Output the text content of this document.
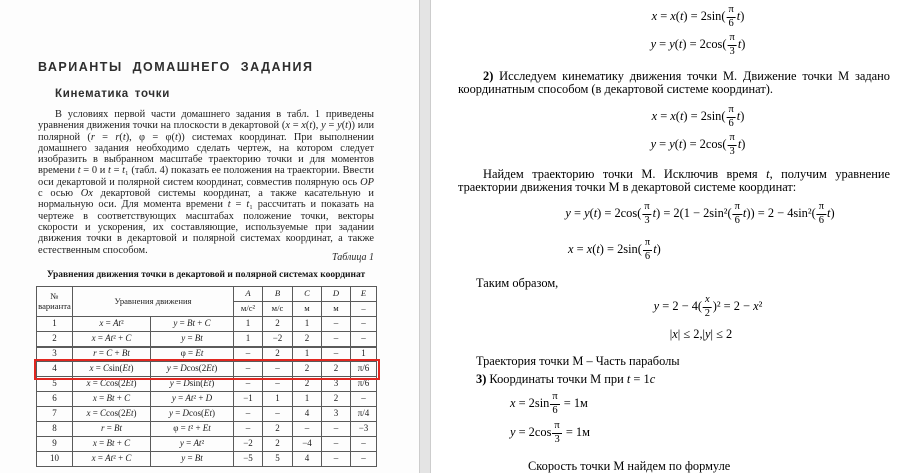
ВАРИАНТЫ ДОМАШНЕГО ЗАДАНИЯ
Кинематика точки

В условиях первой части домашнего задания в табл. 1 приведены уравнения движения точки на плоскости в декартовой (x = x(t), y = y(t)) или полярной (r = r(t), φ = φ(t)) системах координат. При выполнении домашнего задания необходимо сделать чертеж, на котором следует изобразить в выбранном масштабе траекторию точки и для моментов времени t = 0 и t = t₁ (табл. 4) показать ее положения на траектории. Ввести оси декартовой и полярной систем координат, совместив полярную ось OP с осью Ox декартовой системы координат, а также касательную и нормальную оси. Для момента времени t = t₁ рассчитать и показать на чертеже в соответствующих масштабах положение точки, векторы скорости и ускорения, их составляющие, используемые при задании движения точки в декартовой и полярной системах координат, а также естественным способом.

Таблица 1
Уравнения движения точки в декартовой и полярной системах координат
№
варианта	Уравнения движения		A	B	C	D	E
			м/с²	м/с	м	м	–
1	x = At²	y = Bt + C	1	2	1	–	–
2	x = At² + C	y = Bt	1	−2	2	–	–
3	r = C + Bt	φ = Et	–	2	1	–	1
4	x = Csin(Et)	y = Dcos(2Et)	–	–	2	2	π/6
5	x = Ccos(2Et)	y = Dsin(Et)	–	–	2	3	π/6
6	x = Bt + C	y = At² + D	−1	1	1	2	–
7	x = Ccos(2Et)	y = Dcos(Et)	–	–	4	3	π/4
8	r = Bt	φ = t² + Et	–	2	–	–	−3
9	x = Bt + C	y = At²	−2	2	−4	–	–
10	x = At² + C	y = Bt	−5	5	4	–	–
$x = x(t) = 2\sin( \frac{\pi}{6} t)$
$y = y(t) = 2\cos( \frac{\pi}{3} t)$
2) Исследуем кинематику движения точки М. Движение точки М задано координатным способом (в декартовой системе координат).
$x = x(t) = 2\sin( \frac{\pi}{6} t)$
$y = y(t) = 2\cos( \frac{\pi}{3} t)$
Найдем траекторию точки М. Исключив время t, получим уравнение траектории движения точки М в декартовой системе координат:
$y = y(t) = 2\cos( \frac{\pi}{3} t) = 2(1 - 2\sin^2( \frac{\pi}{6} t)) = 2 - 4\sin^2( \frac{\pi}{6} t)$
$x = x(t) = 2\sin( \frac{\pi}{6} t)$
Таким образом,
$y = 2 - 4( \frac{x}{2} )^2 = 2 - x^2$
|x| ≤ 2,|y| ≤ 2
Траектория точки М – Часть параболы
3) Координаты точки М при t = 1с
$x = 2\sin \frac{\pi}{6} = 1м$
$y = 2\cos \frac{\pi}{3} = 1м$
Скорость точки М найдем по формуле
